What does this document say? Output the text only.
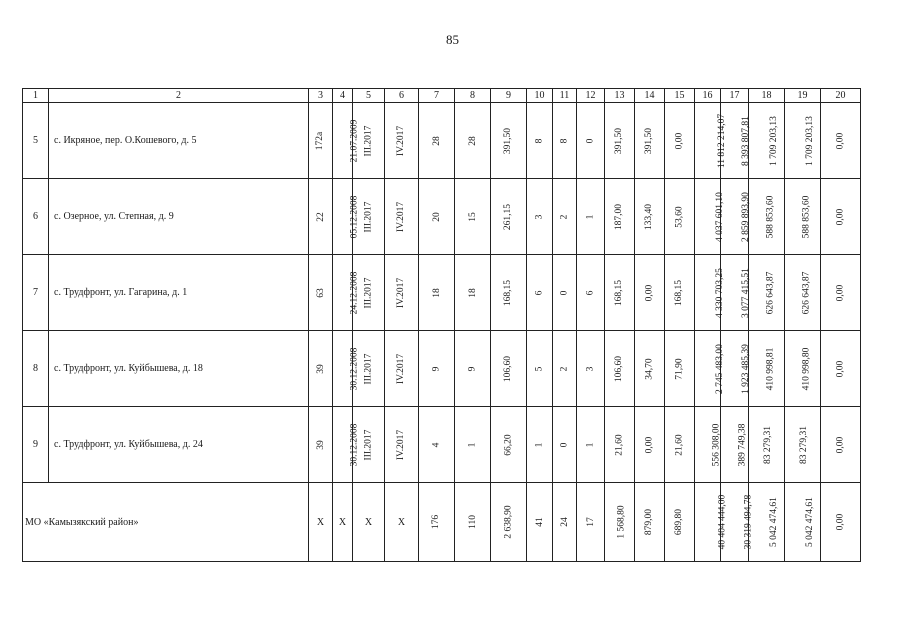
85
1	2	3	4	5	6	7	8	9	10	11	12	13	14	15	16	17	18	19	20
5	с. Икряное, пер. О.Кошевого, д. 5	172а	21.07.2009	III.2017	IV.2017	28	28	391,50	8	8	0	391,50	391,50	0,00	11 812 214,07	8 393 807,81	1 709 203,13	1 709 203,13	0,00
6	с. Озерное, ул. Степная, д. 9	22	05.12.2008	III.2017	IV.2017	20	15	261,15	3	2	1	187,00	133,40	53,60	4 037 601,10	2 859 893,90	588 853,60	588 853,60	0,00
7	с. Трудфронт, ул. Гагарина, д. 1	63	24.12.2008	III.2017	IV.2017	18	18	168,15	6	0	6	168,15	0,00	168,15	4 330 703,25	3 077 415,51	626 643,87	626 643,87	0,00
8	с. Трудфронт, ул. Куйбышева, д. 18	39	30.12.2008	III.2017	IV.2017	9	9	106,60	5	2	3	106,60	34,70	71,90	2 745 483,00	1 923 485,39	410 998,81	410 998,80	0,00
9	с. Трудфронт, ул. Куйбышева, д. 24	39	30.12.2008	III.2017	IV.2017	4	1	66,20	1	0	1	21,60	0,00	21,60	556 308,00	389 749,38	83 279,31	83 279,31	0,00
МО «Камызякский район»		Х	Х	Х	Х	176	110	2 638,90	41	24	17	1 568,80	879,00	689,80	40 404 444,00	30 319 494,78	5 042 474,61	5 042 474,61	0,00
